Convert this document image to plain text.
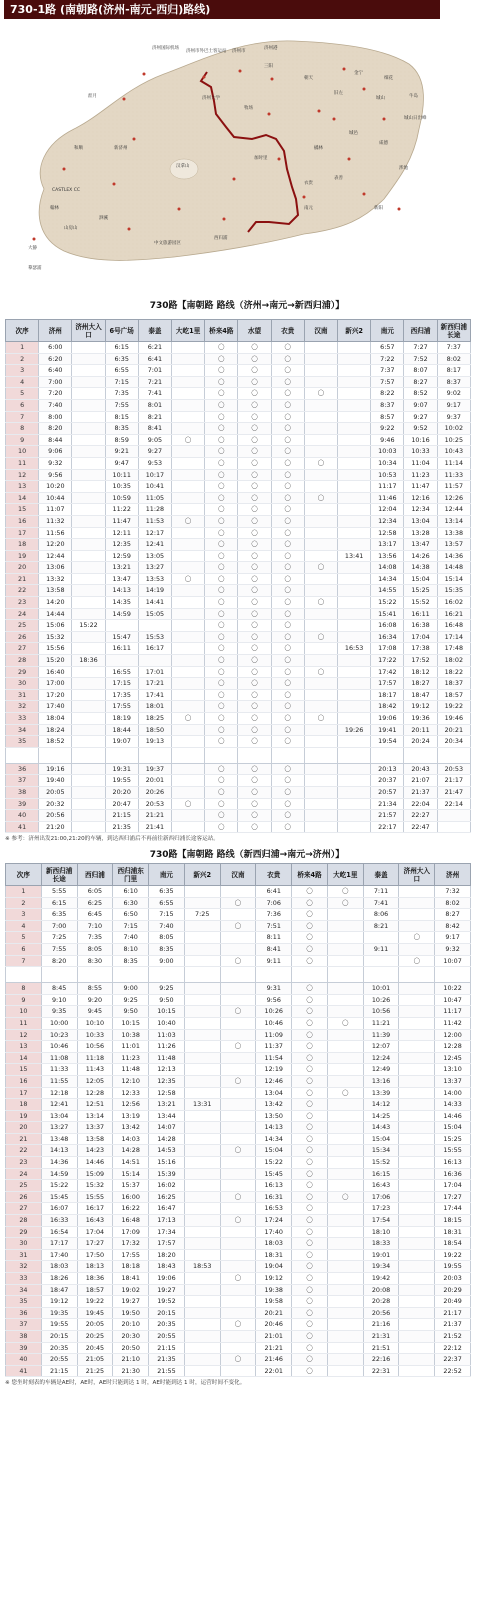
730-1路 (南朝路(济州-南元-西归)路线)
济州国际机场
济州市外巴士客运站 济州市
济州港
涯月
翰林
中文旅游园区
西归浦
南元
表善
城山
汉拿山
CASTLEX CC
大静
摹瑟浦
和顺	新济州
朝天
旧左
细花
金宁
三阳
咸德
橘林
牧场
城邑
加时里
衣贵
泗溪
山房山
涉地
城山日出峰
牛岛
新阳
济州大学
730路【南朝路 路线（济州→南元→新西归浦）】
次序	济州	济州大入口	6号广场	泰盖	大屹1里	桥来4路	水望	衣贵	汉南	新兴2	南元	西归浦	新西归浦长途
1	6:00		6:15	6:21		〇	〇	〇			6:57	7:27	7:37
2	6:20		6:35	6:41		〇	〇	〇			7:22	7:52	8:02
3	6:40		6:55	7:01		〇	〇	〇			7:37	8:07	8:17
4	7:00		7:15	7:21		〇	〇	〇			7:57	8:27	8:37
5	7:20		7:35	7:41		〇	〇	〇	〇		8:22	8:52	9:02
6	7:40		7:55	8:01		〇	〇	〇			8:37	9:07	9:17
7	8:00		8:15	8:21		〇	〇	〇			8:57	9:27	9:37
8	8:20		8:35	8:41		〇	〇	〇			9:22	9:52	10:02
9	8:44		8:59	9:05	〇	〇	〇	〇			9:46	10:16	10:25
10	9:06		9:21	9:27		〇	〇	〇			10:03	10:33	10:43
11	9:32		9:47	9:53		〇	〇	〇	〇		10:34	11:04	11:14
12	9:56		10:11	10:17		〇	〇	〇			10:53	11:23	11:33
13	10:20		10:35	10:41		〇	〇	〇			11:17	11:47	11:57
14	10:44		10:59	11:05		〇	〇	〇	〇		11:46	12:16	12:26
15	11:07		11:22	11:28		〇	〇	〇			12:04	12:34	12:44
16	11:32		11:47	11:53	〇	〇	〇	〇			12:34	13:04	13:14
17	11:56		12:11	12:17		〇	〇	〇			12:58	13:28	13:38
18	12:20		12:35	12:41		〇	〇	〇			13:17	13:47	13:57
19	12:44		12:59	13:05		〇	〇	〇		13:41	13:56	14:26	14:36
20	13:06		13:21	13:27		〇	〇	〇	〇		14:08	14:38	14:48
21	13:32		13:47	13:53	〇	〇	〇	〇			14:34	15:04	15:14
22	13:58		14:13	14:19		〇	〇	〇			14:55	15:25	15:35
23	14:20		14:35	14:41		〇	〇	〇	〇		15:22	15:52	16:02
24	14:44		14:59	15:05		〇	〇	〇			15:41	16:11	16:21
25	15:06	15:22				〇	〇	〇			16:08	16:38	16:48
26	15:32		15:47	15:53		〇	〇	〇	〇		16:34	17:04	17:14
27	15:56		16:11	16:17		〇	〇	〇		16:53	17:08	17:38	17:48
28	15:20	18:36				〇	〇	〇			17:22	17:52	18:02
29	16:40		16:55	17:01		〇	〇	〇	〇		17:42	18:12	18:22
30	17:00		17:15	17:21		〇	〇	〇			17:57	18:27	18:37
31	17:20		17:35	17:41		〇	〇	〇			18:17	18:47	18:57
32	17:40		17:55	18:01		〇	〇	〇			18:42	19:12	19:22
33	18:04		18:19	18:25	〇	〇	〇	〇	〇		19:06	19:36	19:46
34	18:24		18:44	18:50		〇	〇	〇		19:26	19:41	20:11	20:21
35	18:52		19:07	19:13		〇	〇	〇			19:54	20:24	20:34

36	19:16		19:31	19:37		〇	〇	〇			20:13	20:43	20:53
37	19:40		19:55	20:01		〇	〇	〇			20:37	21:07	21:17
38	20:05		20:20	20:26		〇	〇	〇			20:57	21:37	21:47
39	20:32		20:47	20:53	〇	〇	〇	〇			21:34	22:04	22:14
40	20:56		21:15	21:21		〇	〇	〇			21:57	22:27	
41	21:20		21:35	21:41		〇	〇	〇			22:17	22:47	
※ 参考：济州出发21:00,21:20的车辆，到达西归浦后不再前往新西归浦长途客运站。
730路【南朝路 路线（新西归浦→南元→济州）】
次序	新西归浦长途	西归浦	西归浦东门里	南元	新兴2	汉南	衣贵	桥来4路	大屹1里	泰盖	济州大入口	济州
1	5:55	6:05	6:10	6:35			6:41	〇	〇	7:11		7:32
2	6:15	6:25	6:30	6:55		〇	7:06	〇	〇	7:41		8:02
3	6:35	6:45	6:50	7:15	7:25		7:36	〇		8:06		8:27
4	7:00	7:10	7:15	7:40		〇	7:51	〇		8:21		8:42
5	7:25	7:35	7:40	8:05			8:11	〇			〇	9:17
6	7:55	8:05	8:10	8:35			8:41	〇		9:11		9:32
7	8:20	8:30	8:35	9:00		〇	9:11	〇			〇	10:07

8	8:45	8:55	9:00	9:25			9:31	〇		10:01		10:22
9	9:10	9:20	9:25	9:50			9:56	〇		10:26		10:47
10	9:35	9:45	9:50	10:15		〇	10:26	〇		10:56		11:17
11	10:00	10:10	10:15	10:40			10:46	〇	〇	11:21		11:42
12	10:23	10:33	10:38	11:03			11:09	〇		11:39		12:00
13	10:46	10:56	11:01	11:26		〇	11:37	〇		12:07		12:28
14	11:08	11:18	11:23	11:48			11:54	〇		12:24		12:45
15	11:33	11:43	11:48	12:13			12:19	〇		12:49		13:10
16	11:55	12:05	12:10	12:35		〇	12:46	〇		13:16		13:37
17	12:18	12:28	12:33	12:58			13:04	〇	〇	13:39		14:00
18	12:41	12:51	12:56	13:21	13:31		13:42	〇		14:12		14:33
19	13:04	13:14	13:19	13:44			13:50	〇		14:25		14:46
20	13:27	13:37	13:42	14:07			14:13	〇		14:43		15:04
21	13:48	13:58	14:03	14:28			14:34	〇		15:04		15:25
22	14:13	14:23	14:28	14:53		〇	15:04	〇		15:34		15:55
23	14:36	14:46	14:51	15:16			15:22	〇		15:52		16:13
24	14:59	15:09	15:14	15:39			15:45	〇		16:15		16:36
25	15:22	15:32	15:37	16:02			16:13	〇		16:43		17:04
26	15:45	15:55	16:00	16:25		〇	16:31	〇	〇	17:06		17:27
27	16:07	16:17	16:22	16:47			16:53	〇		17:23		17:44
28	16:33	16:43	16:48	17:13		〇	17:24	〇		17:54		18:15
29	16:54	17:04	17:09	17:34			17:40	〇		18:10		18:31
30	17:17	17:27	17:32	17:57			18:03	〇		18:33		18:54
31	17:40	17:50	17:55	18:20			18:31	〇		19:01		19:22
32	18:03	18:13	18:18	18:43	18:53		19:04	〇		19:34		19:55
33	18:26	18:36	18:41	19:06		〇	19:12	〇		19:42		20:03
34	18:47	18:57	19:02	19:27			19:38	〇		20:08		20:29
35	19:12	19:22	19:27	19:52			19:58	〇		20:28		20:49
36	19:35	19:45	19:50	20:15			20:21	〇		20:56		21:17
37	19:55	20:05	20:10	20:35		〇	20:46	〇		21:16		21:37
38	20:15	20:25	20:30	20:55			21:01	〇		21:31		21:52
39	20:35	20:45	20:50	21:15			21:21	〇		21:51		22:12
40	20:55	21:05	21:10	21:35		〇	21:46	〇		22:16		22:37
41	21:15	21:25	21:30	21:55			22:01	〇		22:31		22:52
※ 您坐时刻表的车辆是AE时，AE时，AE时只能到达 1 时，AE时能到达 1 时，运营时间不变化。
